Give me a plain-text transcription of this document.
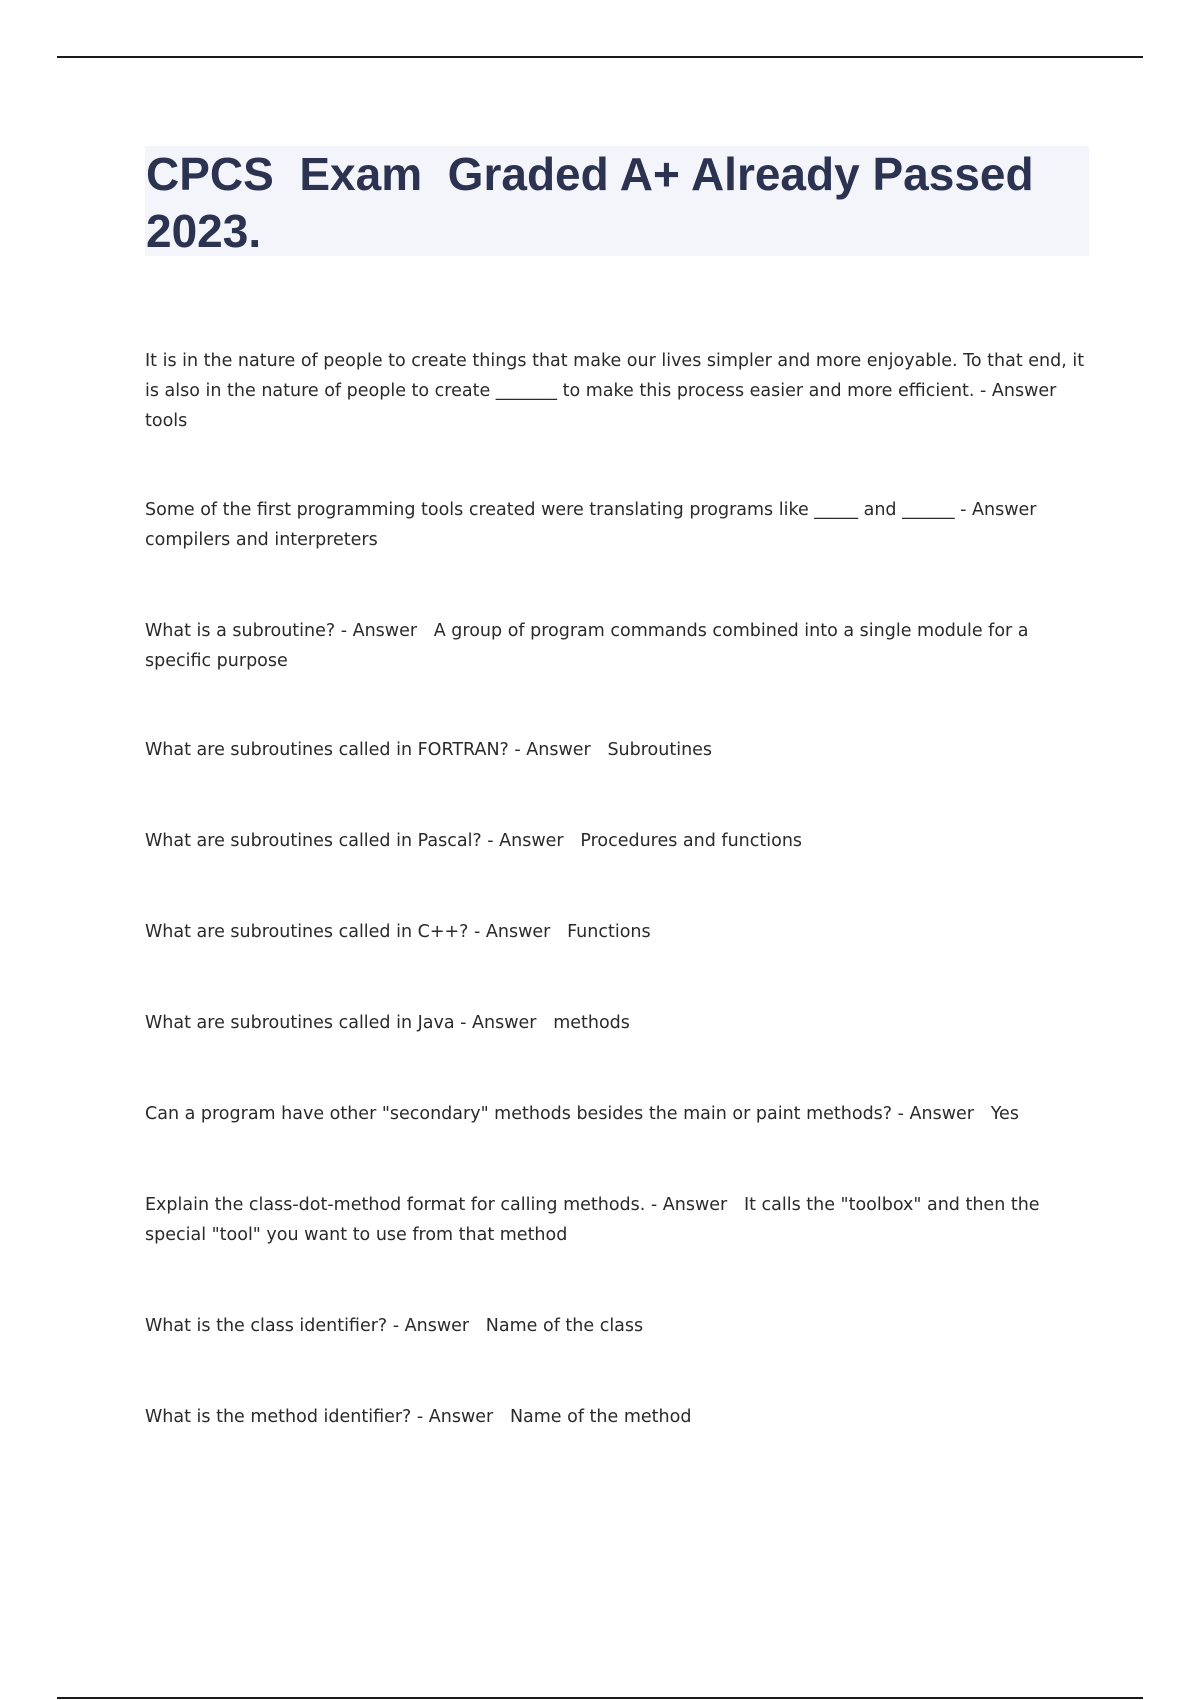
CPCS  Exam  Graded A+ Already Passed 2023.

It is in the nature of people to create things that make our lives simpler and more enjoyable. To that end, it is also in the nature of people to create _______ to make this process easier and more efficient. - Answer   tools

Some of the first programming tools created were translating programs like _____ and ______ - Answer compilers and interpreters

What is a subroutine? - Answer A group of program commands combined into a single module for a specific purpose

What are subroutines called in FORTRAN? - Answer Subroutines

What are subroutines called in Pascal? - Answer Procedures and functions

What are subroutines called in C++? - Answer Functions

What are subroutines called in Java - Answer methods

Can a program have other "secondary" methods besides the main or paint methods? - Answer Yes

Explain the class-dot-method format for calling methods. - Answer It calls the "toolbox" and then the special "tool" you want to use from that method

What is the class identifier? - Answer Name of the class

What is the method identifier? - Answer Name of the method
